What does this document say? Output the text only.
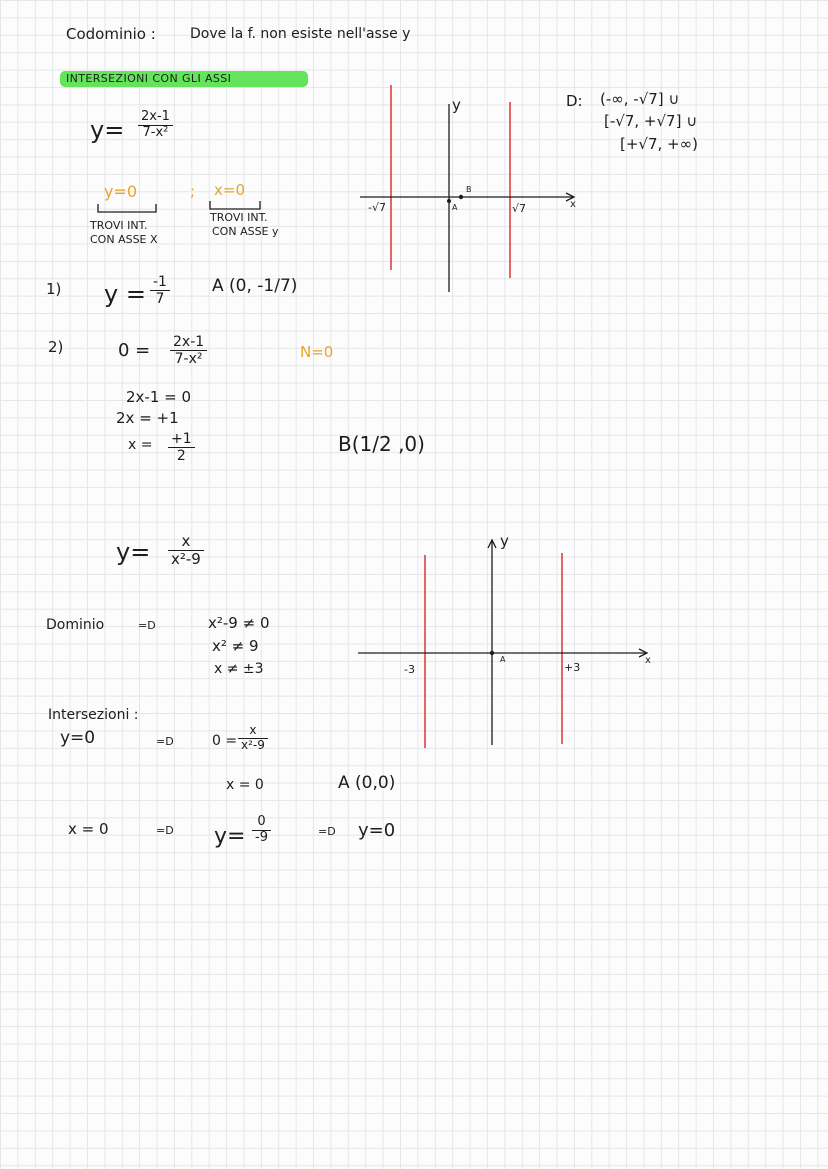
Codominio : Dove la f. non esiste nell'asse y
INTERSEZIONI CON GLI ASSI
$y= \frac{2x-1}{\text{7-x²}}$
y=0	; x=0
TROVI INT.
CON ASSE X
TROVI INT.
CON ASSE y
1) $y = \frac{-1}{7}$ A (0, -1/7)
2)	$0 = \frac{2x-1}{\text{7-x²}}$	N=0
2x-1 = 0
2x = +1
$x = \frac{+1}{2}$	B(1/2 ,0)
D: (-∞, -√7] ∪
[-√7, +√7] ∪
[+√7, +∞)
y
x
-√7	√7
A
B
$y= \frac{x}{\text{x²-9}}$
Dominio	=D	x²-9 ≠ 0
x² ≠ 9
x ≠ ±3
y
x
-3	+3
A
Intersezioni :
y=0	=D	$0 = \frac{x}{\text{x²-9}}$
x = 0	A (0,0)
x = 0	=D $y= \frac{0}{-9}$	=D y=0
